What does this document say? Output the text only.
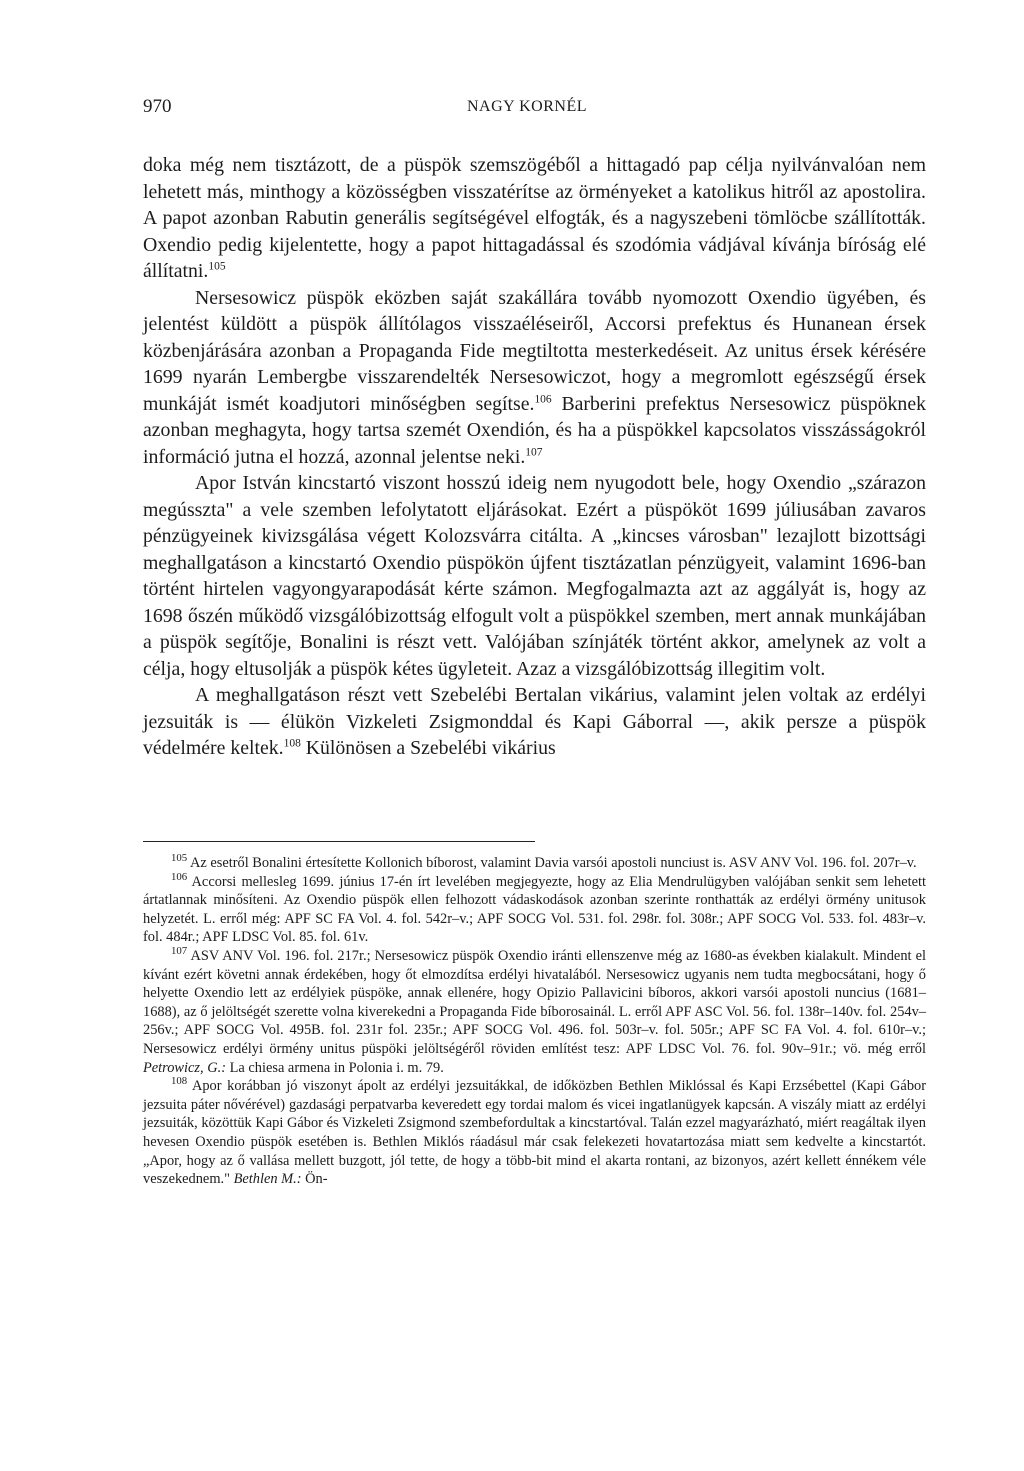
970	NAGY KORNÉL

doka még nem tisztázott, de a püspök szemszögéből a hittagadó pap célja nyilvánvalóan nem lehetett más, minthogy a közösségben visszatérítse az örményeket a katolikus hitről az apostolira. A papot azonban Rabutin generális segítségével elfogták, és a nagyszebeni tömlöcbe szállították. Oxendio pedig kijelentette, hogy a papot hittagadással és szodómia vádjával kívánja bíróság elé állítatni.$^{105}$

Nersesowicz püspök eközben saját szakállára tovább nyomozott Oxendio ügyében, és jelentést küldött a püspök állítólagos visszaéléseiről, Accorsi prefektus és Hunanean érsek közbenjárására azonban a Propaganda Fide megtiltotta mesterkedéseit. Az unitus érsek kérésére 1699 nyarán Lembergbe visszarendelték Nersesowiczot, hogy a megromlott egészségű érsek munkáját ismét koadjutori minőségben segítse.$^{106}$ Barberini prefektus Nersesowicz püspöknek azonban meghagyta, hogy tartsa szemét Oxendión, és ha a püspökkel kapcsolatos visszásságokról információ jutna el hozzá, azonnal jelentse neki.$^{107}$

Apor István kincstartó viszont hosszú ideig nem nyugodott bele, hogy Oxendio „szárazon megússzta" a vele szemben lefolytatott eljárásokat. Ezért a püspököt 1699 júliusában zavaros pénzügyeinek kivizsgálása végett Kolozsvárra citálta. A „kincses városban" lezajlott bizottsági meghallgatáson a kincstartó Oxendio püspökön újfent tisztázatlan pénzügyeit, valamint 1696-ban történt hirtelen vagyongyarapodását kérte számon. Megfogalmazta azt az aggályát is, hogy az 1698 őszén működő vizsgálóbizottság elfogult volt a püspökkel szemben, mert annak munkájában a püspök segítője, Bonalini is részt vett. Valójában színjáték történt akkor, amelynek az volt a célja, hogy eltusolják a püspök kétes ügyleteit. Azaz a vizsgálóbizottság illegitim volt.

A meghallgatáson részt vett Szebelébi Bertalan vikárius, valamint jelen voltak az erdélyi jezsuiták is — élükön Vizkeleti Zsigmonddal és Kapi Gáborral —, akik persze a püspök védelmére keltek.$^{108}$ Különösen a Szebelébi vikárius

$^{105}$ Az esetről Bonalini értesítette Kollonich bíborost, valamint Davia varsói apostoli nunciust is. ASV ANV Vol. 196. fol. 207r–v.

$^{106}$ Accorsi mellesleg 1699. június 17-én írt levelében megjegyezte, hogy az Elia Mendrulügyben valójában senkit sem lehetett ártatlannak minősíteni. Az Oxendio püspök ellen felhozott vádaskodások azonban szerinte ronthatták az erdélyi örmény unitusok helyzetét. L. erről még: APF SC FA Vol. 4. fol. 542r–v.; APF SOCG Vol. 531. fol. 298r. fol. 308r.; APF SOCG Vol. 533. fol. 483r–v. fol. 484r.; APF LDSC Vol. 85. fol. 61v.

$^{107}$ ASV ANV Vol. 196. fol. 217r.; Nersesowicz püspök Oxendio iránti ellenszenve még az 1680-as években kialakult. Mindent el kívánt ezért követni annak érdekében, hogy őt elmozdítsa erdélyi hivatalából. Nersesowicz ugyanis nem tudta megbocsátani, hogy ő helyette Oxendio lett az erdélyiek püspöke, annak ellenére, hogy Opizio Pallavicini bíboros, akkori varsói apostoli nuncius (1681–1688), az ő jelöltségét szerette volna kiverekedni a Propaganda Fide bíborosainál. L. erről APF ASC Vol. 56. fol. 138r–140v. fol. 254v–256v.; APF SOCG Vol. 495B. fol. 231r fol. 235r.; APF SOCG Vol. 496. fol. 503r–v. fol. 505r.; APF SC FA Vol. 4. fol. 610r–v.; Nersesowicz erdélyi örmény unitus püspöki jelöltségéről röviden említést tesz: APF LDSC Vol. 76. fol. 90v–91r.; vö. még erről Petrowicz, G.: La chiesa armena in Polonia i. m. 79.

$^{108}$ Apor korábban jó viszonyt ápolt az erdélyi jezsuitákkal, de időközben Bethlen Miklóssal és Kapi Erzsébettel (Kapi Gábor jezsuita páter nővérével) gazdasági perpatvarba keveredett egy tordai malom és vicei ingatlanügyek kapcsán. A viszály miatt az erdélyi jezsuiták, közöttük Kapi Gábor és Vizkeleti Zsigmond szembefordultak a kincstartóval. Talán ezzel magyarázható, miért reagáltak ilyen hevesen Oxendio püspök esetében is. Bethlen Miklós ráadásul már csak felekezeti hovatartozása miatt sem kedvelte a kincstartót. „Apor, hogy az ő vallása mellett buzgott, jól tette, de hogy a több-bit mind el akarta rontani, az bizonyos, azért kellett énnékem véle veszekednem." Bethlen M.: Ön-
